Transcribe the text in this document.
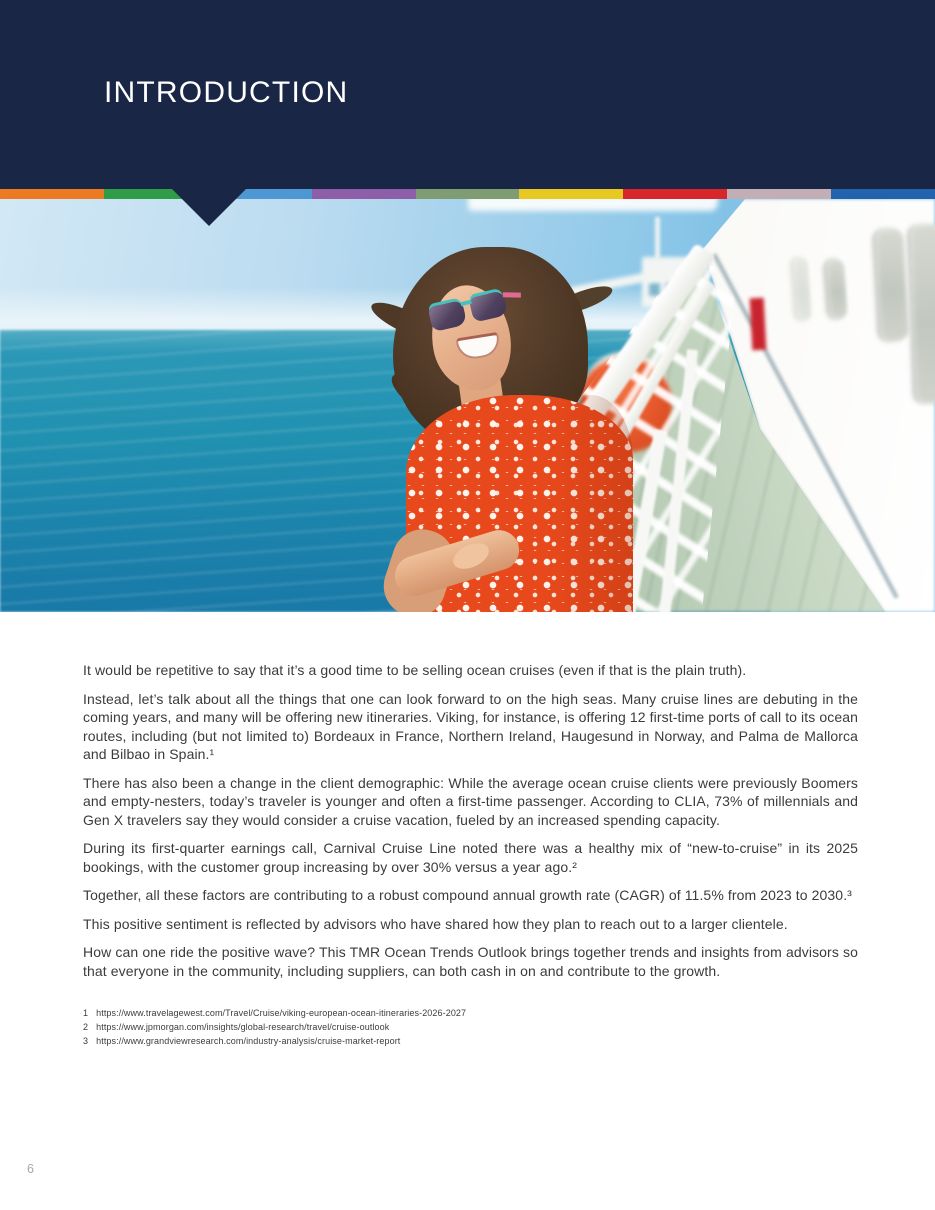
INTRODUCTION

It would be repetitive to say that it’s a good time to be selling ocean cruises (even if that is the plain truth).

Instead, let’s talk about all the things that one can look forward to on the high seas. Many cruise lines are debuting in the coming years, and many will be offering new itineraries. Viking, for instance, is offering 12 first-time ports of call to its ocean routes, including (but not limited to) Bordeaux in France, Northern Ireland, Haugesund in Norway, and Palma de Mallorca and Bilbao in Spain.¹

There has also been a change in the client demographic: While the average ocean cruise clients were previously Boomers and empty-nesters, today’s traveler is younger and often a first-time passenger. According to CLIA, 73% of millennials and Gen X travelers say they would consider a cruise vacation, fueled by an increased spending capacity.

During its first-quarter earnings call, Carnival Cruise Line noted there was a healthy mix of “new-to-cruise” in its 2025 bookings, with the customer group increasing by over 30% versus a year ago.²

Together, all these factors are contributing to a robust compound annual growth rate (CAGR) of 11.5% from 2023 to 2030.³

This positive sentiment is reflected by advisors who have shared how they plan to reach out to a larger clientele.

How can one ride the positive wave? This TMR Ocean Trends Outlook brings together trends and insights from advisors so that everyone in the community, including suppliers, can both cash in on and contribute to the growth.

1 https://www.travelagewest.com/Travel/Cruise/viking-european-ocean-itineraries-2026-2027
2 https://www.jpmorgan.com/insights/global-research/travel/cruise-outlook
3 https://www.grandviewresearch.com/industry-analysis/cruise-market-report
6
